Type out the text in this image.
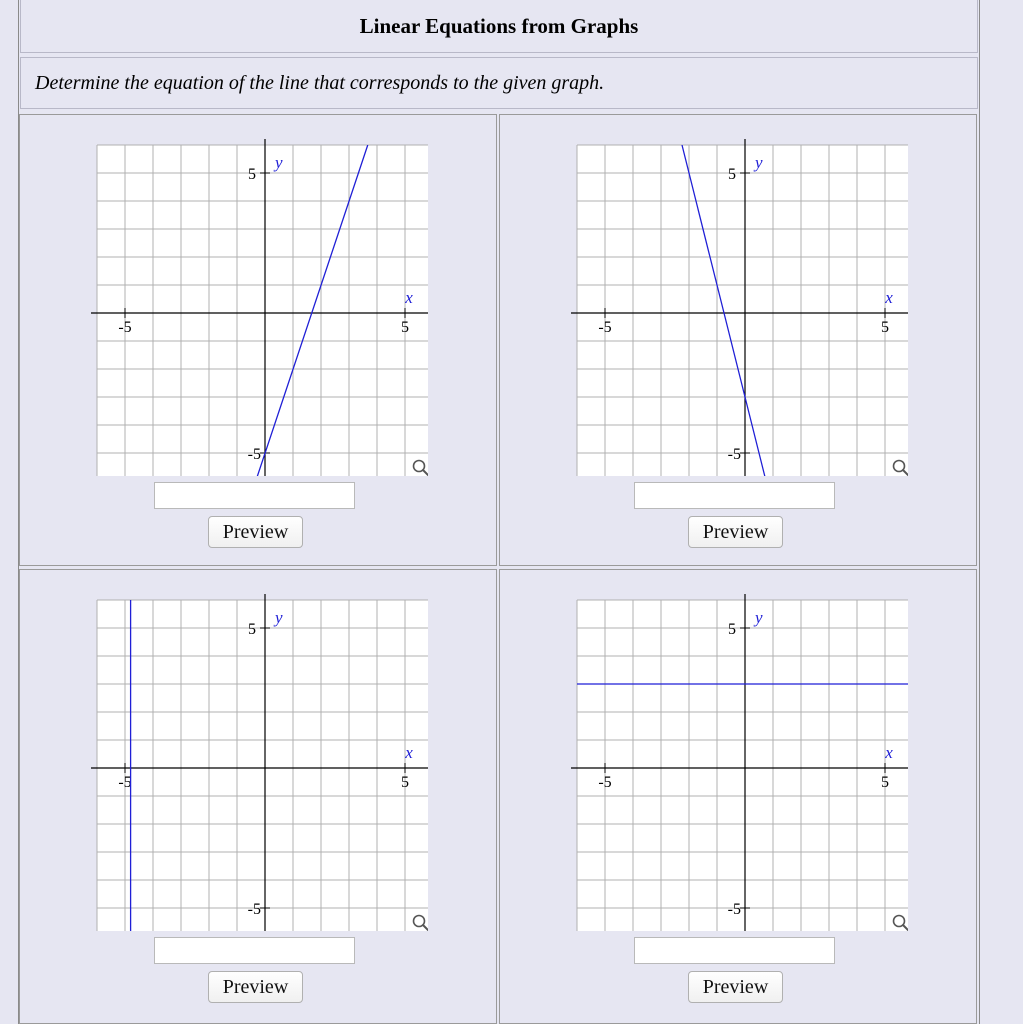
Linear Equations from Graphs
Determine the equation of the line that corresponds to the given graph.
-5	5
5
-5
y
x
Preview
-5	5
5
-5
y
x
Preview
-5	5
5
-5
y
x
Preview
-5	5
5
-5
y
x
Preview
